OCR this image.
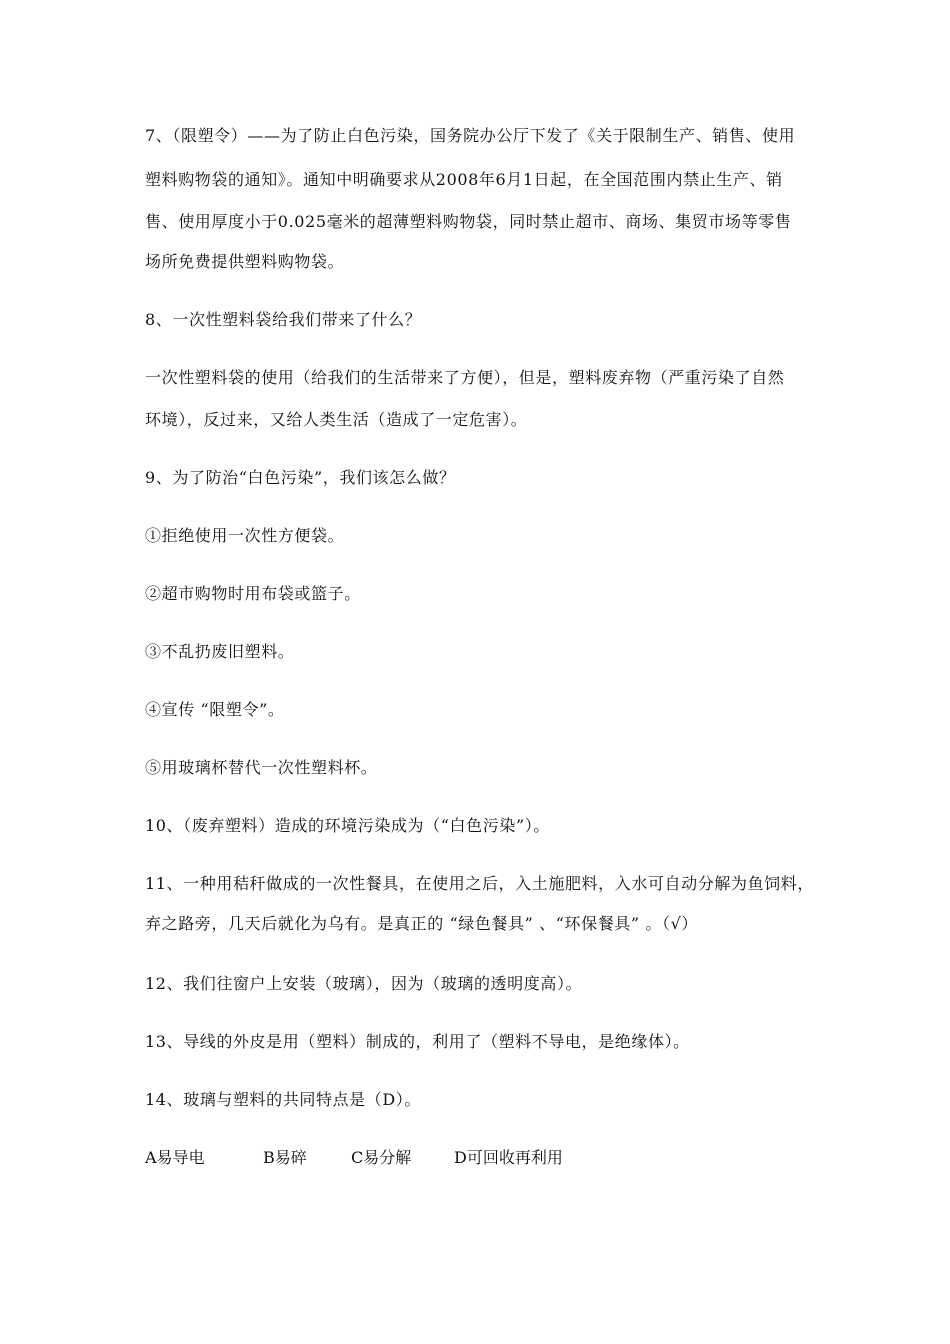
7、（限塑令）——为了防止白色污染，国务院办公厅下发了《关于限制生产、销售、使用

塑料购物袋的通知》。通知中明确要求从2008年6月1日起，在全国范围内禁止生产、销

售、使用厚度小于0.025毫米的超薄塑料购物袋，同时禁止超市、商场、集贸市场等零售

场所免费提供塑料购物袋。

8、一次性塑料袋给我们带来了什么？

一次性塑料袋的使用（给我们的生活带来了方便），但是，塑料废弃物（严重污染了自然

环境），反过来，又给人类生活（造成了一定危害）。

9、为了防治“白色污染”，我们该怎么做？

①拒绝使用一次性方便袋。

②超市购物时用布袋或篮子。

③不乱扔废旧塑料。

④宣传 “限塑令”。

⑤用玻璃杯替代一次性塑料杯。

10、（废弃塑料）造成的环境污染成为（“白色污染”）。

11、一种用秸秆做成的一次性餐具，在使用之后，入土施肥料，入水可自动分解为鱼饲料，

弃之路旁，几天后就化为乌有。是真正的 “绿色餐具” 、“环保餐具” 。（√）

12、我们往窗户上安装（玻璃），因为（玻璃的透明度高）。

13、导线的外皮是用（塑料）制成的，利用了（塑料不导电，是绝缘体）。

14、玻璃与塑料的共同特点是（D）。

A易导电	B易碎	C易分解	D可回收再利用
